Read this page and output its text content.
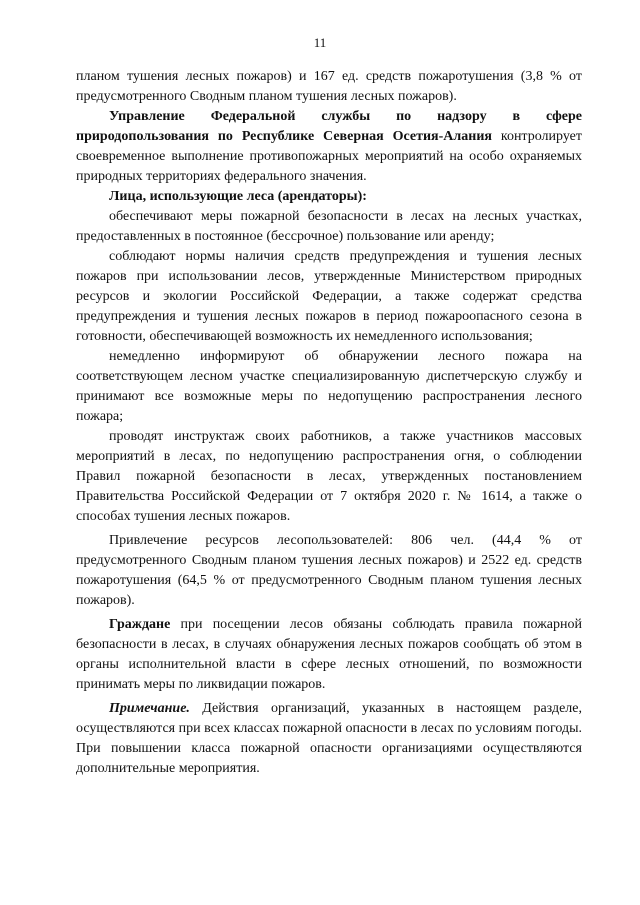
11

планом тушения лесных пожаров) и 167 ед. средств пожаротушения (3,8 % от предусмотренного Сводным планом тушения лесных пожаров).

Управление Федеральной службы по надзору в сфере природопользования по Республике Северная Осетия-Алания контролирует своевременное выполнение противопожарных мероприятий на особо охраняемых природных территориях федерального значения.

Лица, использующие леса (арендаторы):

обеспечивают меры пожарной безопасности в лесах на лесных участках, предоставленных в постоянное (бессрочное) пользование или аренду;

соблюдают нормы наличия средств предупреждения и тушения лесных пожаров при использовании лесов, утвержденные Министерством природных ресурсов и экологии Российской Федерации, а также содержат средства предупреждения и тушения лесных пожаров в период пожароопасного сезона в готовности, обеспечивающей возможность их немедленного использования;

немедленно информируют об обнаружении лесного пожара на соответствующем лесном участке специализированную диспетчерскую службу и принимают все возможные меры по недопущению распространения лесного пожара;

проводят инструктаж своих работников, а также участников массовых мероприятий в лесах, по недопущению распространения огня, о соблюдении Правил пожарной безопасности в лесах, утвержденных постановлением Правительства Российской Федерации от 7 октября 2020 г. № 1614, а также о способах тушения лесных пожаров.

Привлечение ресурсов лесопользователей: 806 чел. (44,4 % от предусмотренного Сводным планом тушения лесных пожаров) и 2522 ед. средств пожаротушения (64,5 % от предусмотренного Сводным планом тушения лесных пожаров).

Граждане при посещении лесов обязаны соблюдать правила пожарной безопасности в лесах, в случаях обнаружения лесных пожаров сообщать об этом в органы исполнительной власти в сфере лесных отношений, по возможности принимать меры по ликвидации пожаров.

Примечание. Действия организаций, указанных в настоящем разделе, осуществляются при всех классах пожарной опасности в лесах по условиям погоды. При повышении класса пожарной опасности организациями осуществляются дополнительные мероприятия.
